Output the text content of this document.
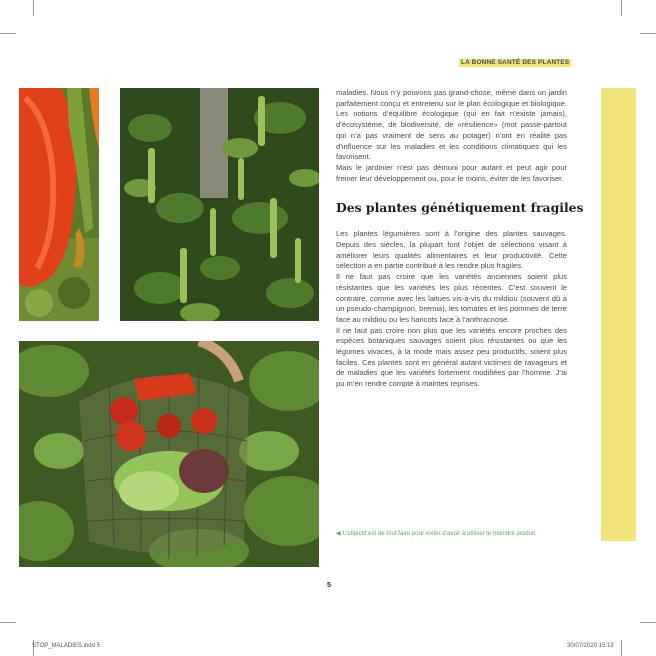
LA BONNE SANTÉ DES PLANTES

maladies. Nous n’y pouvons pas grand-chose, même dans un jardin parfaitement conçu et entretenu sur le plan écologique et biologique. Les notions d’équilibre écologique (qui en fait n’existe jamais), d’écosystème, de biodiversité, de «résilience» (mot passe-partout qui n’a pas vraiment de sens au potager) n’ont en réalité pas d’influence sur les maladies et les conditions climatiques qui les favorisent.

Mais le jardinier n’est pas démuni pour autant et peut agir pour freiner leur développement ou, pour le moins, éviter de les favoriser.

Des plantes génétiquement fragiles

Les plantes légumières sont à l’origine des plantes sauvages. Depuis des siècles, la plupart font l’objet de sélections visant à améliorer leurs qualités alimentaires et leur productivité. Cette sélection a en partie contribué à les rendre plus fragiles.

Il ne faut pas croire que les variétés anciennes soient plus résistantes que les variétés les plus récentes. C’est souvent le contraire, comme avec les laitues vis-à-vis du mildiou (souvent dû à un pseudo-champignon, bremia), les tomates et les pommes de terre face au mildiou ou les haricots face à l’anthracnose.

Il ne faut pas croire non plus que les variétés encore proches des espèces botaniques sauvages soient plus résistantes ou que les légumes vivaces, à la mode mais assez peu productifs, soient plus faciles. Ces plantes sont en général autant victimes de ravageurs et de maladies que les variétés fortement modifiées par l’homme. J’ai pu m’en rendre compte à maintes reprises.

◀ L’objectif est de tout faire pour éviter d’avoir à utiliser le moindre produit.
-5-
STOP_MALADIES.indd 5	30/07/2020 15:19
